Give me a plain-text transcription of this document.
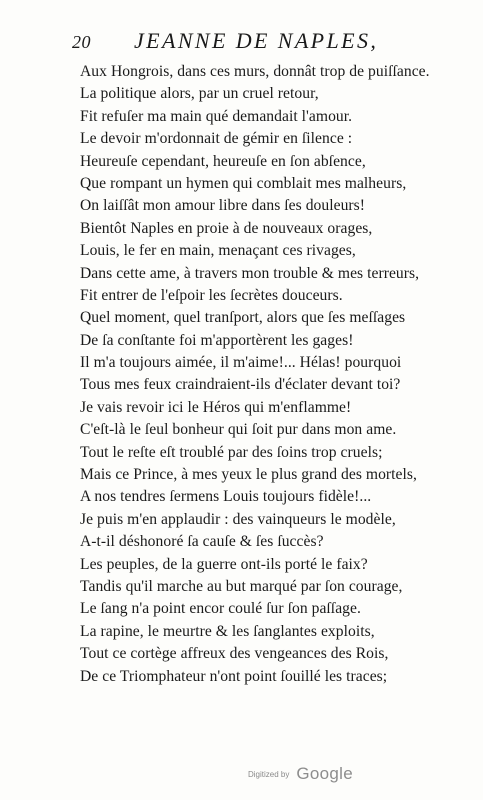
20 JEANNE DE NAPLES,
Aux Hongrois, dans ces murs, donnât trop de puiſſance.
La politique alors, par un cruel retour,
Fit refuſer ma main qué demandait l'amour.
Le devoir m'ordonnait de gémir en ſilence :
Heureuſe cependant, heureuſe en ſon abſence,
Que rompant un hymen qui comblait mes malheurs,
On laiſſât mon amour libre dans ſes douleurs!
Bientôt Naples en proie à de nouveaux orages,
Louis, le fer en main, menaçant ces rivages,
Dans cette ame, à travers mon trouble & mes terreurs,
Fit entrer de l'eſpoir les ſecrètes douceurs.
Quel moment, quel tranſport, alors que ſes meſſages
De ſa conſtante foi m'apportèrent les gages!
Il m'a toujours aimée, il m'aime!... Hélas! pourquoi
Tous mes feux craindraient-ils d'éclater devant toi?
Je vais revoir ici le Héros qui m'enflamme!
C'eſt-là le ſeul bonheur qui ſoit pur dans mon ame.
Tout le reſte eſt troublé par des ſoins trop cruels;
Mais ce Prince, à mes yeux le plus grand des mortels,
A nos tendres ſermens Louis toujours fidèle!...
Je puis m'en applaudir : des vainqueurs le modèle,
A-t-il déshonoré ſa cauſe & ſes ſuccès?
Les peuples, de la guerre ont-ils porté le faix?
Tandis qu'il marche au but marqué par ſon courage,
Le ſang n'a point encor coulé ſur ſon paſſage.
La rapine, le meurtre & les ſanglantes exploits,
Tout ce cortège affreux des vengeances des Rois,
De ce Triomphateur n'ont point ſouillé les traces;
Digitized by Google
